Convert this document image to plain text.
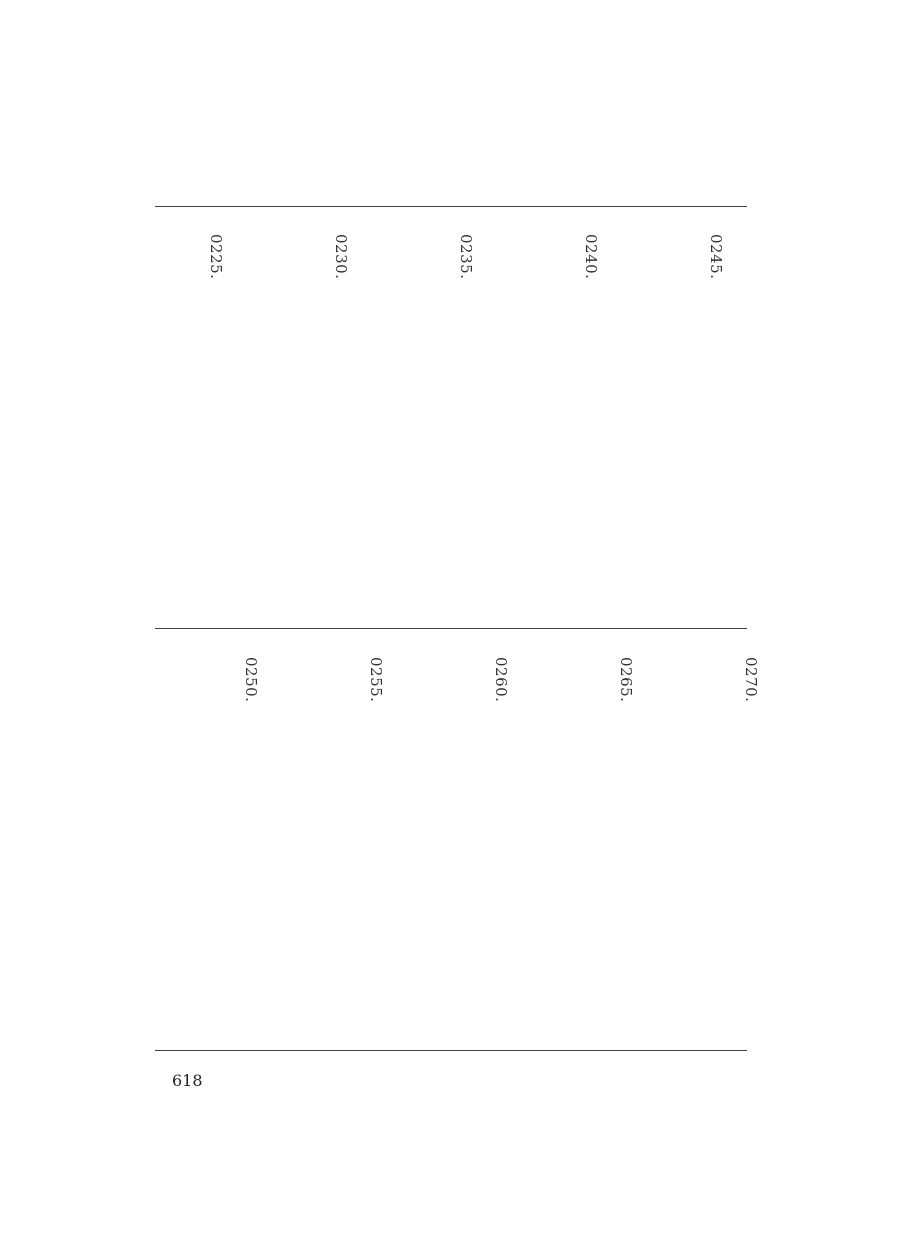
0245.
0240.
0235.
0230.
0225.
0270.
0265.
0260.
0255.
0250.
618
